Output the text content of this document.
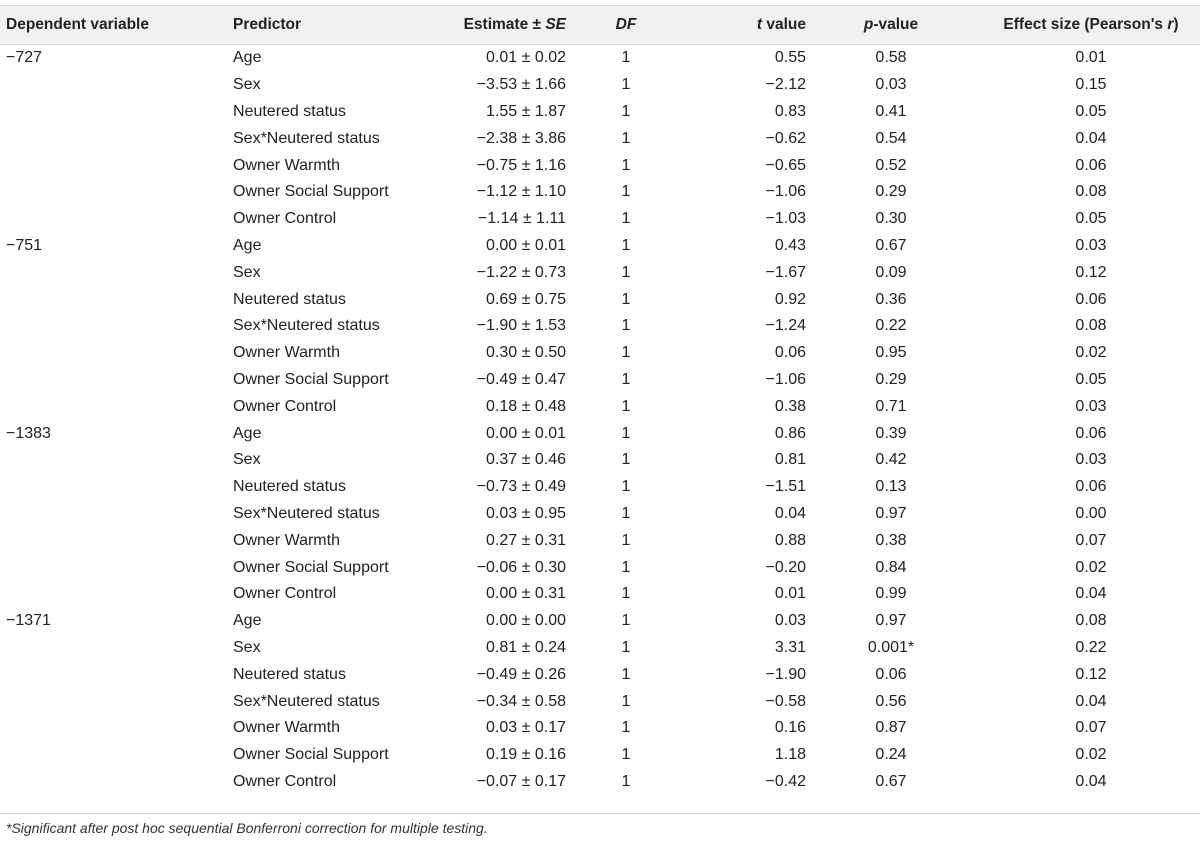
Dependent variable	Predictor	Estimate ± SE	DF	t value	p-value	Effect size (Pearson's r)
−727	Age	0.01 ± 0.02	1	0.55	0.58	0.01
	Sex	−3.53 ± 1.66	1	−2.12	0.03	0.15
	Neutered status	1.55 ± 1.87	1	0.83	0.41	0.05
	Sex*Neutered status	−2.38 ± 3.86	1	−0.62	0.54	0.04
	Owner Warmth	−0.75 ± 1.16	1	−0.65	0.52	0.06
	Owner Social Support	−1.12 ± 1.10	1	−1.06	0.29	0.08
	Owner Control	−1.14 ± 1.11	1	−1.03	0.30	0.05
−751	Age	0.00 ± 0.01	1	0.43	0.67	0.03
	Sex	−1.22 ± 0.73	1	−1.67	0.09	0.12
	Neutered status	0.69 ± 0.75	1	0.92	0.36	0.06
	Sex*Neutered status	−1.90 ± 1.53	1	−1.24	0.22	0.08
	Owner Warmth	0.30 ± 0.50	1	0.06	0.95	0.02
	Owner Social Support	−0.49 ± 0.47	1	−1.06	0.29	0.05
	Owner Control	0.18 ± 0.48	1	0.38	0.71	0.03
−1383	Age	0.00 ± 0.01	1	0.86	0.39	0.06
	Sex	0.37 ± 0.46	1	0.81	0.42	0.03
	Neutered status	−0.73 ± 0.49	1	−1.51	0.13	0.06
	Sex*Neutered status	0.03 ± 0.95	1	0.04	0.97	0.00
	Owner Warmth	0.27 ± 0.31	1	0.88	0.38	0.07
	Owner Social Support	−0.06 ± 0.30	1	−0.20	0.84	0.02
	Owner Control	0.00 ± 0.31	1	0.01	0.99	0.04
−1371	Age	0.00 ± 0.00	1	0.03	0.97	0.08
	Sex	0.81 ± 0.24	1	3.31	0.001*	0.22
	Neutered status	−0.49 ± 0.26	1	−1.90	0.06	0.12
	Sex*Neutered status	−0.34 ± 0.58	1	−0.58	0.56	0.04
	Owner Warmth	0.03 ± 0.17	1	0.16	0.87	0.07
	Owner Social Support	0.19 ± 0.16	1	1.18	0.24	0.02
	Owner Control	−0.07 ± 0.17	1	−0.42	0.67	0.04
*Significant after post hoc sequential Bonferroni correction for multiple testing.
